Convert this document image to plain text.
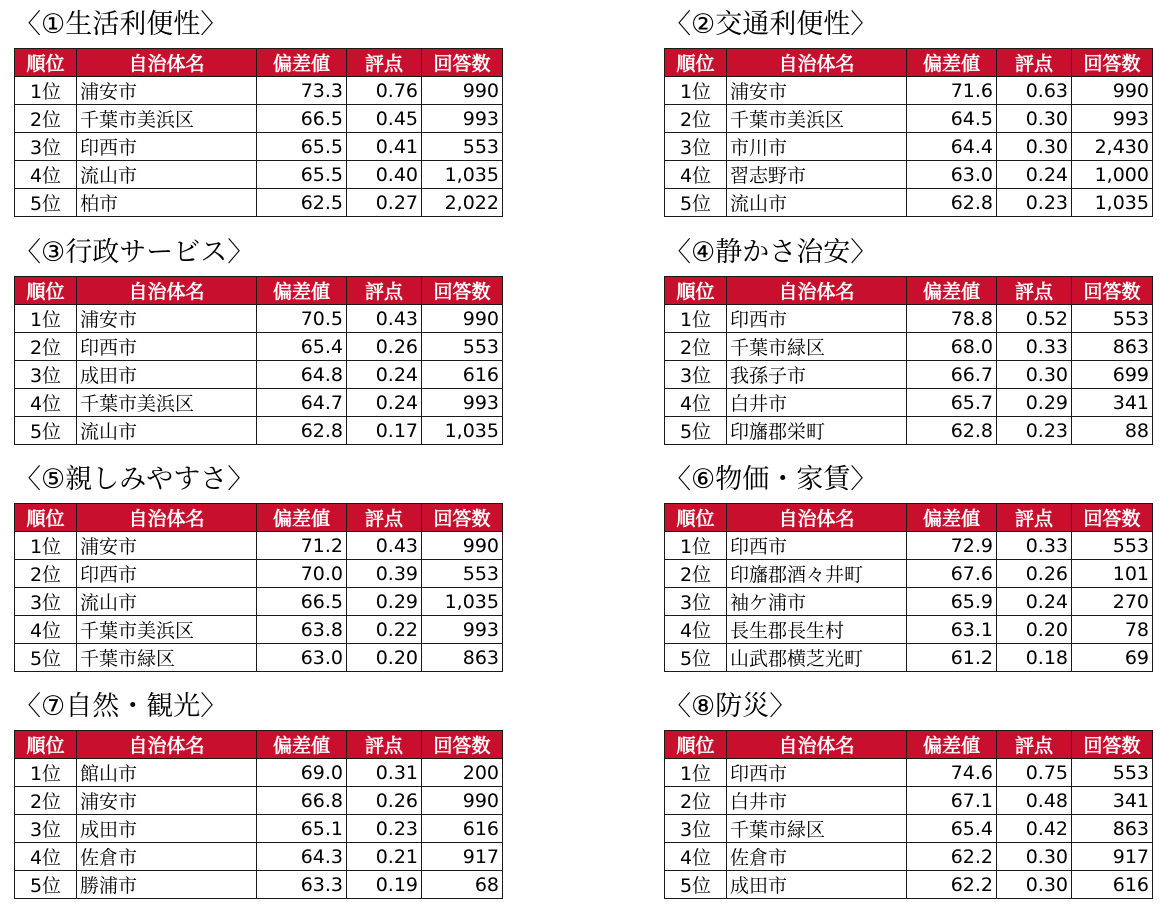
〈①生活利便性〉
順位	自治体名	偏差値	評点	回答数
1位	浦安市	73.3	0.76	990
2位	千葉市美浜区	66.5	0.45	993
3位	印西市	65.5	0.41	553
4位	流山市	65.5	0.40	1,035
5位	柏市	62.5	0.27	2,022
〈②交通利便性〉
順位	自治体名	偏差値	評点	回答数
1位	浦安市	71.6	0.63	990
2位	千葉市美浜区	64.5	0.30	993
3位	市川市	64.4	0.30	2,430
4位	習志野市	63.0	0.24	1,000
5位	流山市	62.8	0.23	1,035
〈③行政サービス〉
順位	自治体名	偏差値	評点	回答数
1位	浦安市	70.5	0.43	990
2位	印西市	65.4	0.26	553
3位	成田市	64.8	0.24	616
4位	千葉市美浜区	64.7	0.24	993
5位	流山市	62.8	0.17	1,035
〈④静かさ治安〉
順位	自治体名	偏差値	評点	回答数
1位	印西市	78.8	0.52	553
2位	千葉市緑区	68.0	0.33	863
3位	我孫子市	66.7	0.30	699
4位	白井市	65.7	0.29	341
5位	印旛郡栄町	62.8	0.23	88
〈⑤親しみやすさ〉
順位	自治体名	偏差値	評点	回答数
1位	浦安市	71.2	0.43	990
2位	印西市	70.0	0.39	553
3位	流山市	66.5	0.29	1,035
4位	千葉市美浜区	63.8	0.22	993
5位	千葉市緑区	63.0	0.20	863
〈⑥物価・家賃〉
順位	自治体名	偏差値	評点	回答数
1位	印西市	72.9	0.33	553
2位	印旛郡酒々井町	67.6	0.26	101
3位	袖ケ浦市	65.9	0.24	270
4位	長生郡長生村	63.1	0.20	78
5位	山武郡横芝光町	61.2	0.18	69
〈⑦自然・観光〉
順位	自治体名	偏差値	評点	回答数
1位	館山市	69.0	0.31	200
2位	浦安市	66.8	0.26	990
3位	成田市	65.1	0.23	616
4位	佐倉市	64.3	0.21	917
5位	勝浦市	63.3	0.19	68
〈⑧防災〉
順位	自治体名	偏差値	評点	回答数
1位	印西市	74.6	0.75	553
2位	白井市	67.1	0.48	341
3位	千葉市緑区	65.4	0.42	863
4位	佐倉市	62.2	0.30	917
5位	成田市	62.2	0.30	616
